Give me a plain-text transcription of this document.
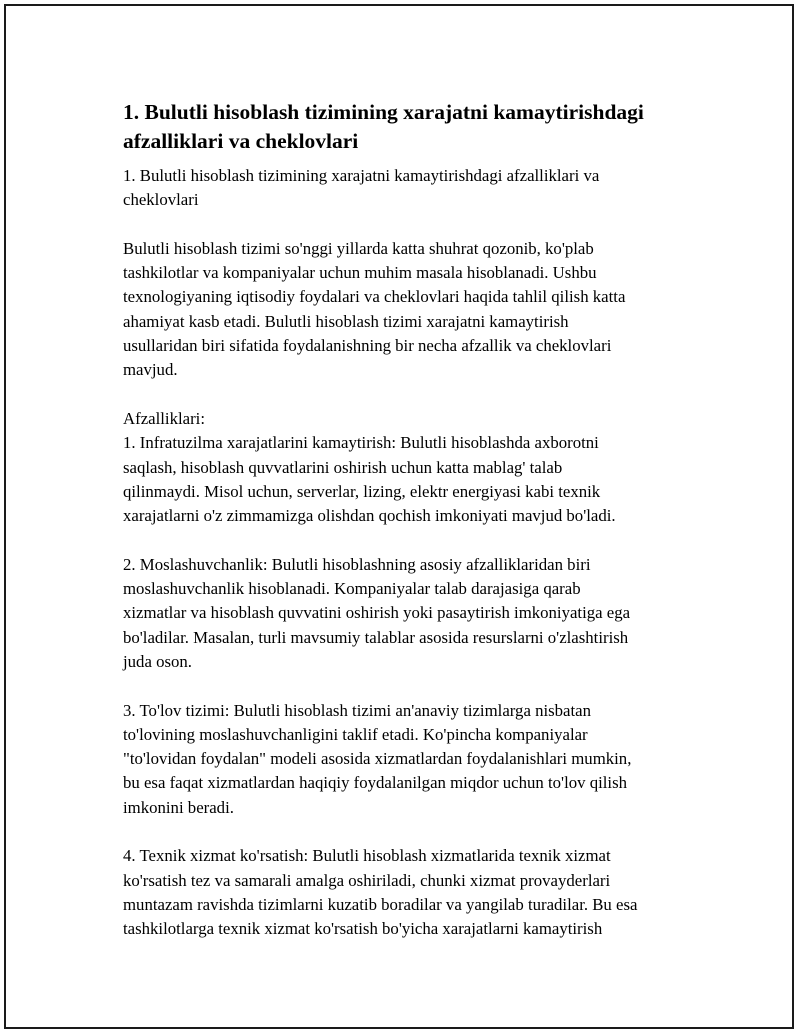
1. Bulutli hisoblash tizimining xarajatni kamaytirishdagi
afzalliklari va cheklovlari

1. Bulutli hisoblash tizimining xarajatni kamaytirishdagi afzalliklari va
cheklovlari

Bulutli hisoblash tizimi so'nggi yillarda katta shuhrat qozonib, ko'plab
tashkilotlar va kompaniyalar uchun muhim masala hisoblanadi. Ushbu
texnologiyaning iqtisodiy foydalari va cheklovlari haqida tahlil qilish katta
ahamiyat kasb etadi. Bulutli hisoblash tizimi xarajatni kamaytirish
usullaridan biri sifatida foydalanishning bir necha afzallik va cheklovlari
mavjud.

Afzalliklari:
1. Infratuzilma xarajatlarini kamaytirish: Bulutli hisoblashda axborotni
saqlash, hisoblash quvvatlarini oshirish uchun katta mablag' talab
qilinmaydi. Misol uchun, serverlar, lizing, elektr energiyasi kabi texnik
xarajatlarni o'z zimmamizga olishdan qochish imkoniyati mavjud bo'ladi.

2. Moslashuvchanlik: Bulutli hisoblashning asosiy afzalliklaridan biri
moslashuvchanlik hisoblanadi. Kompaniyalar talab darajasiga qarab
xizmatlar va hisoblash quvvatini oshirish yoki pasaytirish imkoniyatiga ega
bo'ladilar. Masalan, turli mavsumiy talablar asosida resurslarni o'zlashtirish
juda oson.

3. To'lov tizimi: Bulutli hisoblash tizimi an'anaviy tizimlarga nisbatan
to'lovining moslashuvchanligini taklif etadi. Ko'pincha kompaniyalar
"to'lovidan foydalan" modeli asosida xizmatlardan foydalanishlari mumkin,
bu esa faqat xizmatlardan haqiqiy foydalanilgan miqdor uchun to'lov qilish
imkonini beradi.

4. Texnik xizmat ko'rsatish: Bulutli hisoblash xizmatlarida texnik xizmat
ko'rsatish tez va samarali amalga oshiriladi, chunki xizmat provayderlari
muntazam ravishda tizimlarni kuzatib boradilar va yangilab turadilar. Bu esa
tashkilotlarga texnik xizmat ko'rsatish bo'yicha xarajatlarni kamaytirish
